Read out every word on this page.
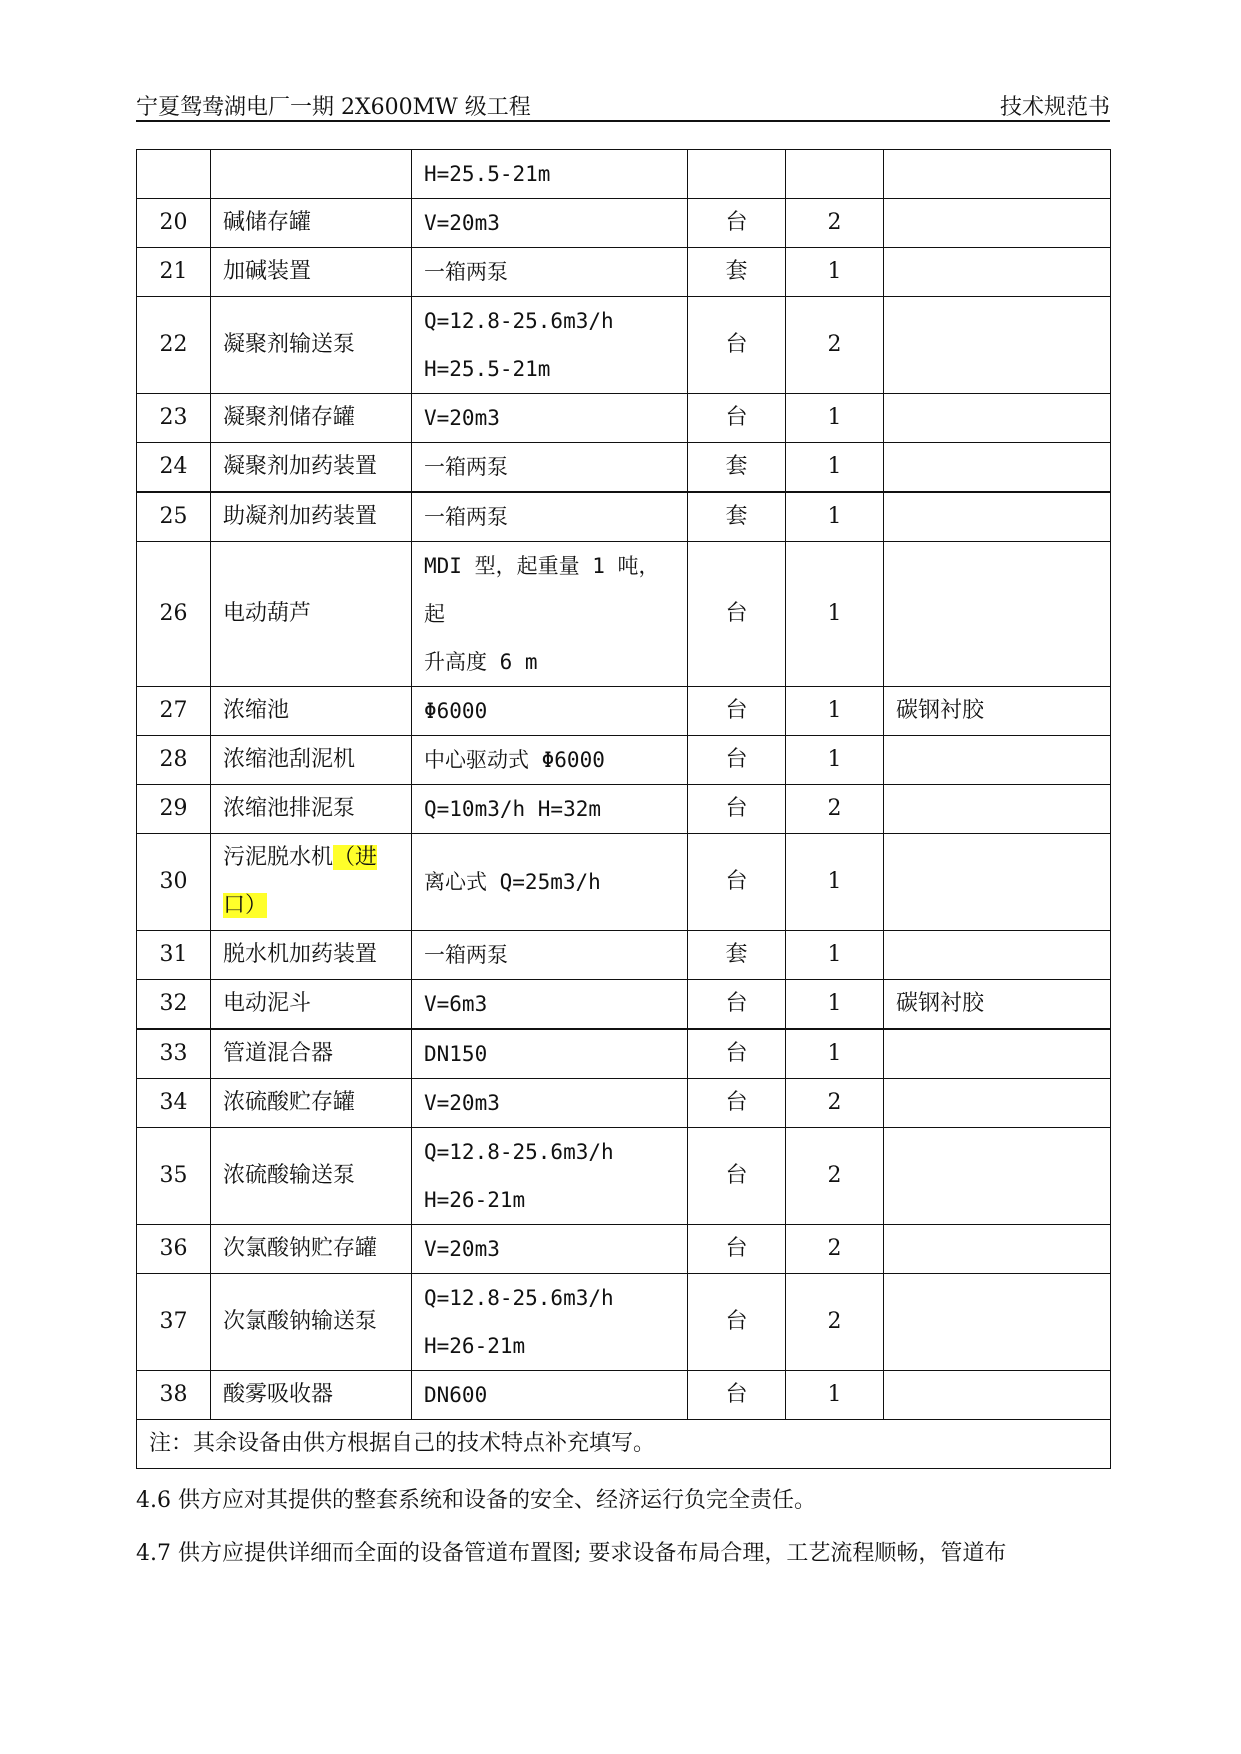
宁夏鸳鸯湖电厂一期 2X600MW 级工程	技术规范书

		H=25.5-21m			

20	碱储存罐	V=20m3	台	2	
21	加碱装置	一箱两泵	套	1	
22	凝聚剂输送泵	Q=12.8-25.6m3/h
H=25.5-21m	台	2	
23	凝聚剂储存罐	V=20m3	台	1	
24	凝聚剂加药装置	一箱两泵	套	1	
25	助凝剂加药装置	一箱两泵	套	1	
26	电动葫芦	MDI 型，起重量 1 吨，起
升高度 6 m	台	1	
27	浓缩池	Φ6000	台	1	碳钢衬胶
28	浓缩池刮泥机	中心驱动式 Φ6000	台	1	
29	浓缩池排泥泵	Q=10m3/h H=32m	台	2	
30	污泥脱水机（进
口）	离心式 Q=25m3/h	台	1	
31	脱水机加药装置	一箱两泵	套	1	
32	电动泥斗	V=6m3	台	1	碳钢衬胶
33	管道混合器	DN150	台	1	
34	浓硫酸贮存罐	V=20m3	台	2	
35	浓硫酸输送泵	Q=12.8-25.6m3/h
H=26-21m	台	2	
36	次氯酸钠贮存罐	V=20m3	台	2	
37	次氯酸钠输送泵	Q=12.8-25.6m3/h
H=26-21m	台	2	
38	酸雾吸收器	DN600	台	1	
注：其余设备由供方根据自己的技术特点补充填写。					
4.6 供方应对其提供的整套系统和设备的安全、经济运行负完全责任。
4.7 供方应提供详细而全面的设备管道布置图; 要求设备布局合理，工艺流程顺畅，管道布
